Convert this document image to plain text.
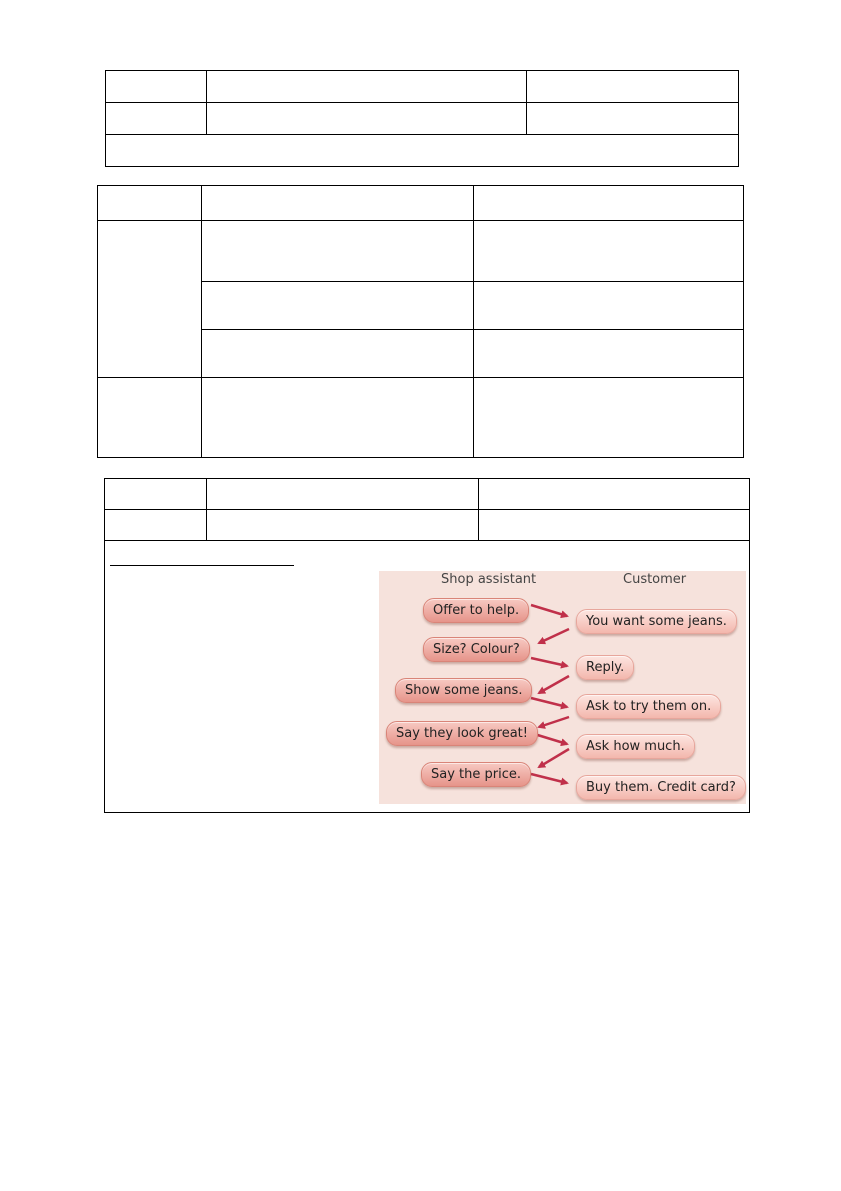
Shop assistant	Customer
Offer to help.
Size? Colour?
Show some jeans.
Say they look great!
Say the price.
You want some jeans.
Reply.
Ask to try them on.
Ask how much.
Buy them. Credit card?
